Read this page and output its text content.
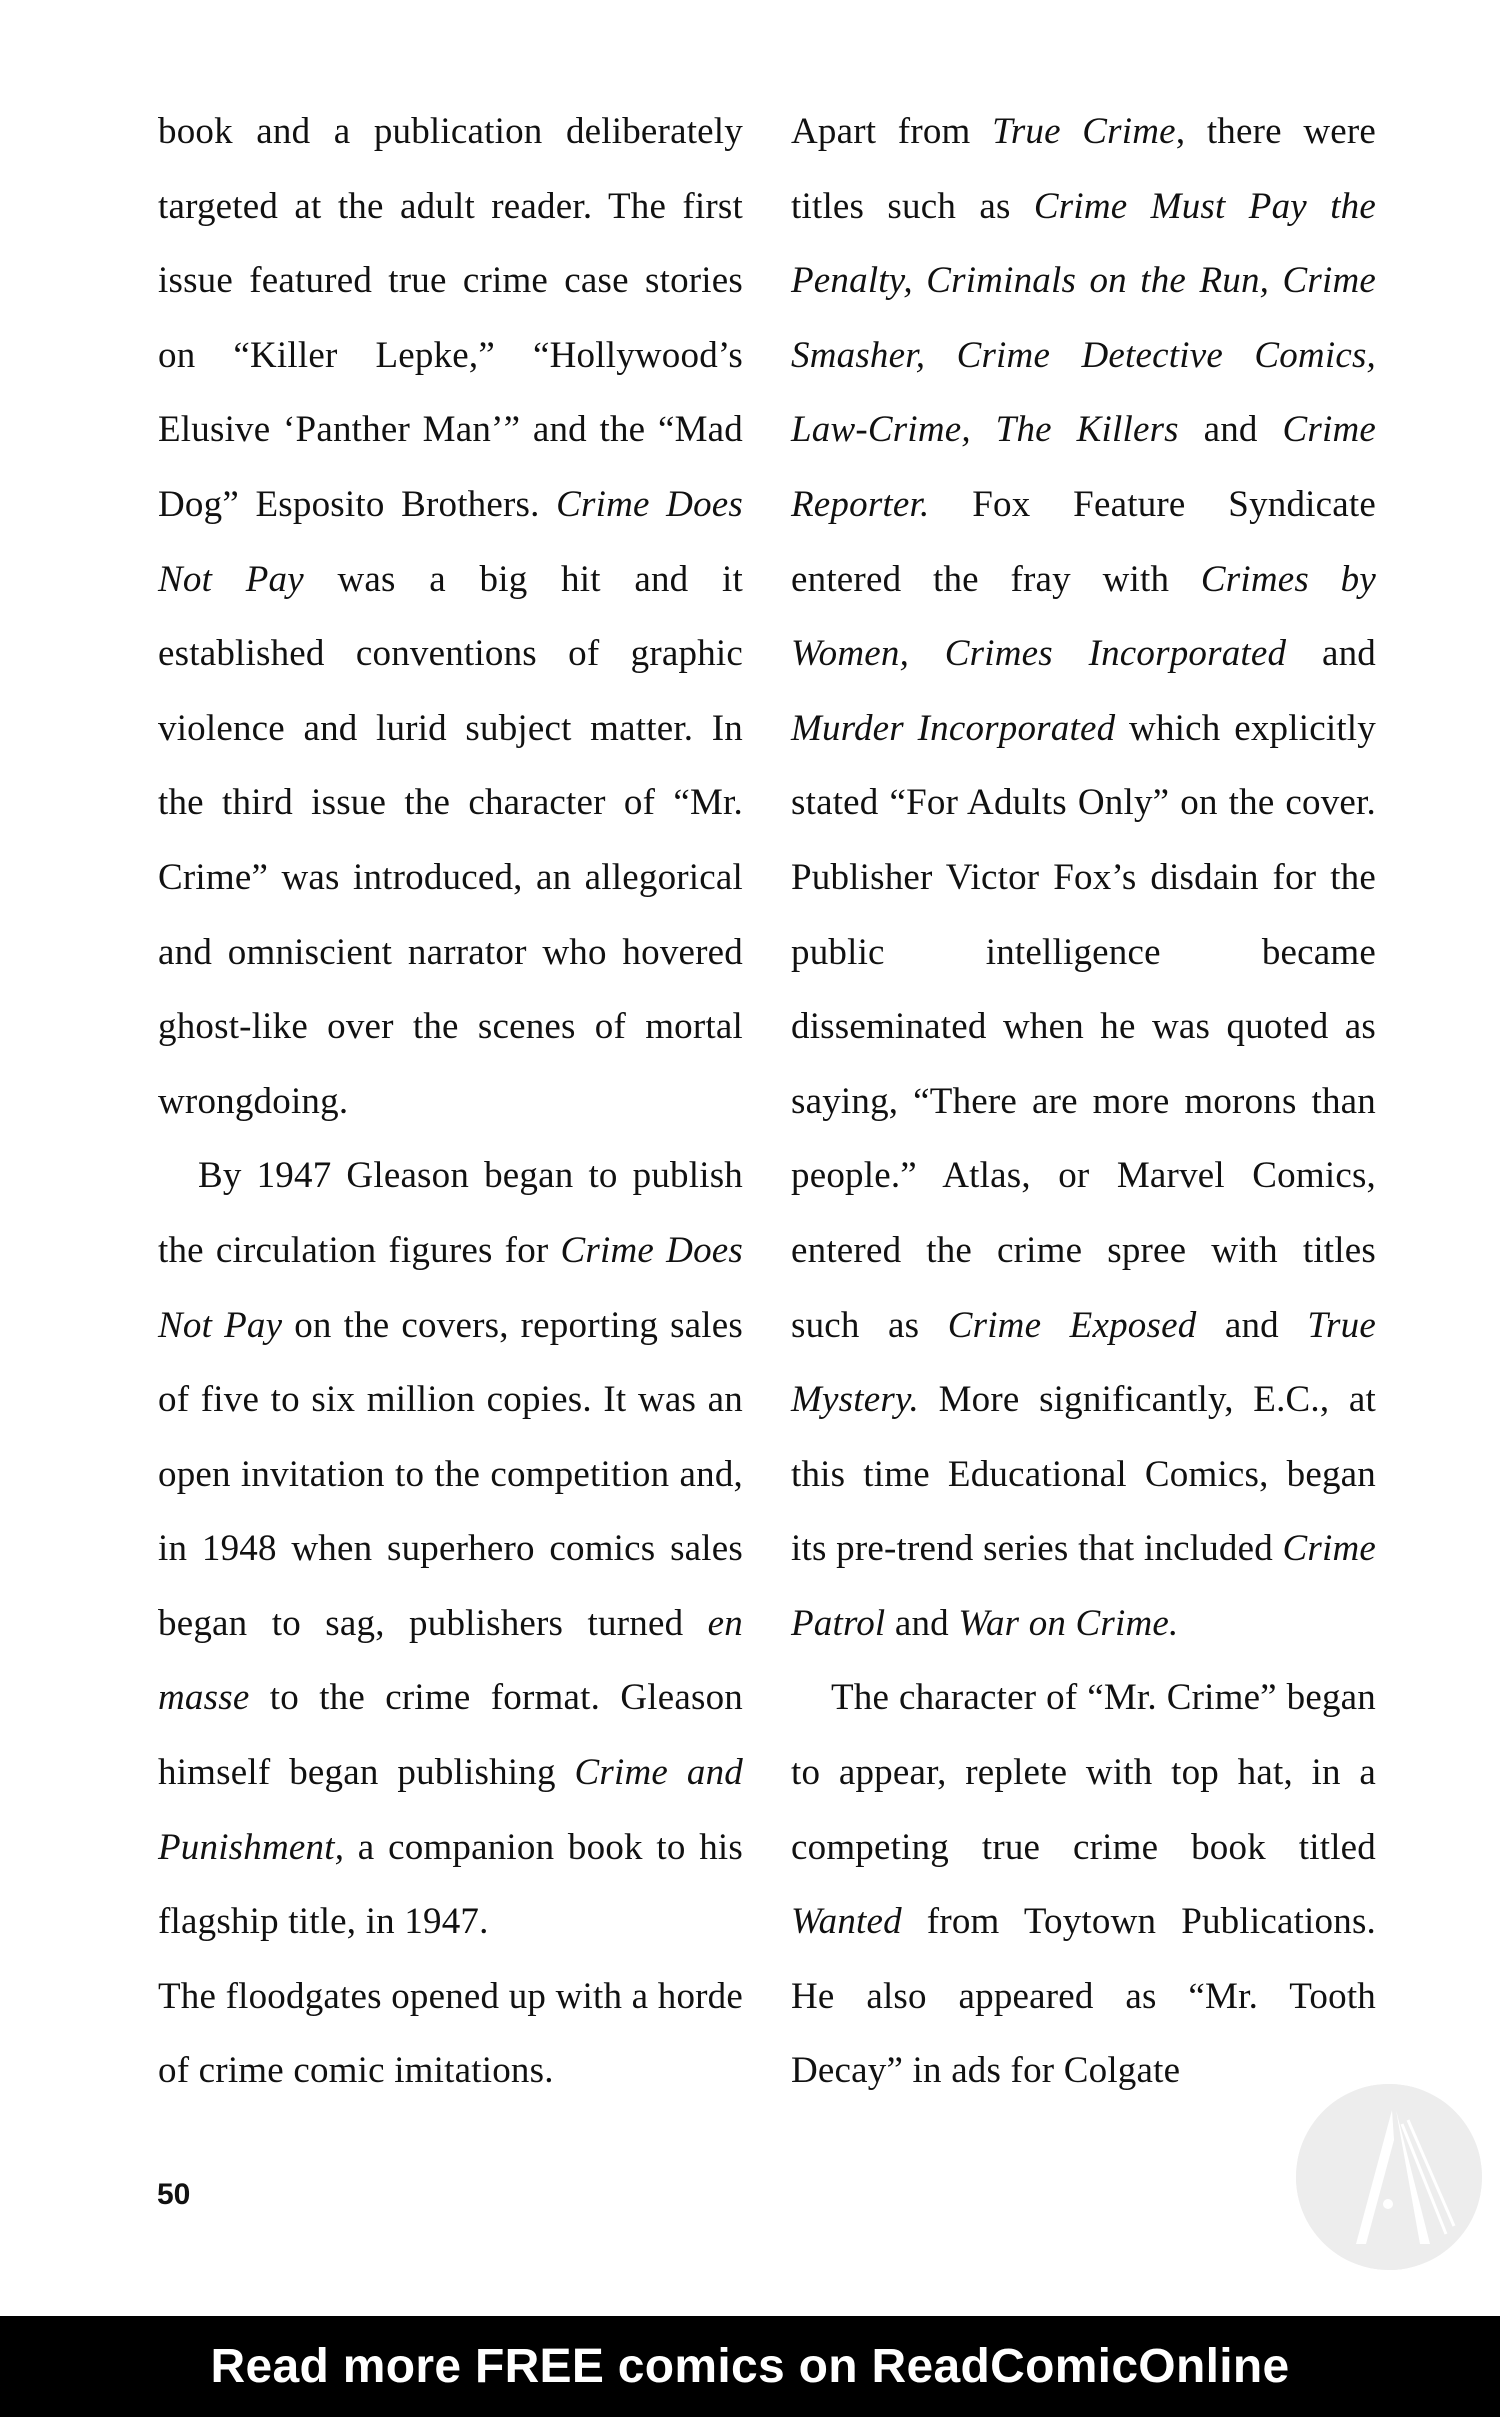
book and a publication deliberately targeted at the adult reader. The first issue featured true crime case stories on “Killer Lepke,” “Hollywood’s Elusive ‘Panther Man’” and the “Mad Dog” Esposito Brothers. Crime Does Not Pay was a big hit and it established conventions of graphic violence and lurid subject matter. In the third issue the character of “Mr. Crime” was introduced, an allegorical and omniscient narrator who hovered ghost-like over the scenes of mortal wrongdoing.

By 1947 Gleason began to publish the circulation figures for Crime Does Not Pay on the covers, reporting sales of five to six million copies. It was an open invitation to the competition and, in 1948 when superhero comics sales began to sag, publishers turned en masse to the crime format. Gleason himself began publishing Crime and Punishment, a companion book to his flagship title, in 1947.

The floodgates opened up with a horde of crime comic imitations.

Apart from True Crime, there were titles such as Crime Must Pay the Penalty, Criminals on the Run, Crime Smasher, Crime Detective Comics, Law-Crime, The Killers and Crime Reporter. Fox Feature Syndicate entered the fray with Crimes by Women, Crimes Incorporated and Murder Incorporated which explicitly stated “For Adults Only” on the cover. Publisher Victor Fox’s disdain for the public intelligence became disseminated when he was quoted as saying, “There are more morons than people.” Atlas, or Marvel Comics, entered the crime spree with titles such as Crime Exposed and True Mystery. More significantly, E.C., at this time Educational Comics, began its pre-trend series that included Crime Patrol and War on Crime.

The character of “Mr. Crime” began to appear, replete with top hat, in a competing true crime book titled Wanted from Toytown Publications. He also appeared as “Mr. Tooth Decay” in ads for Colgate

50
Read more FREE comics on ReadComicOnline
